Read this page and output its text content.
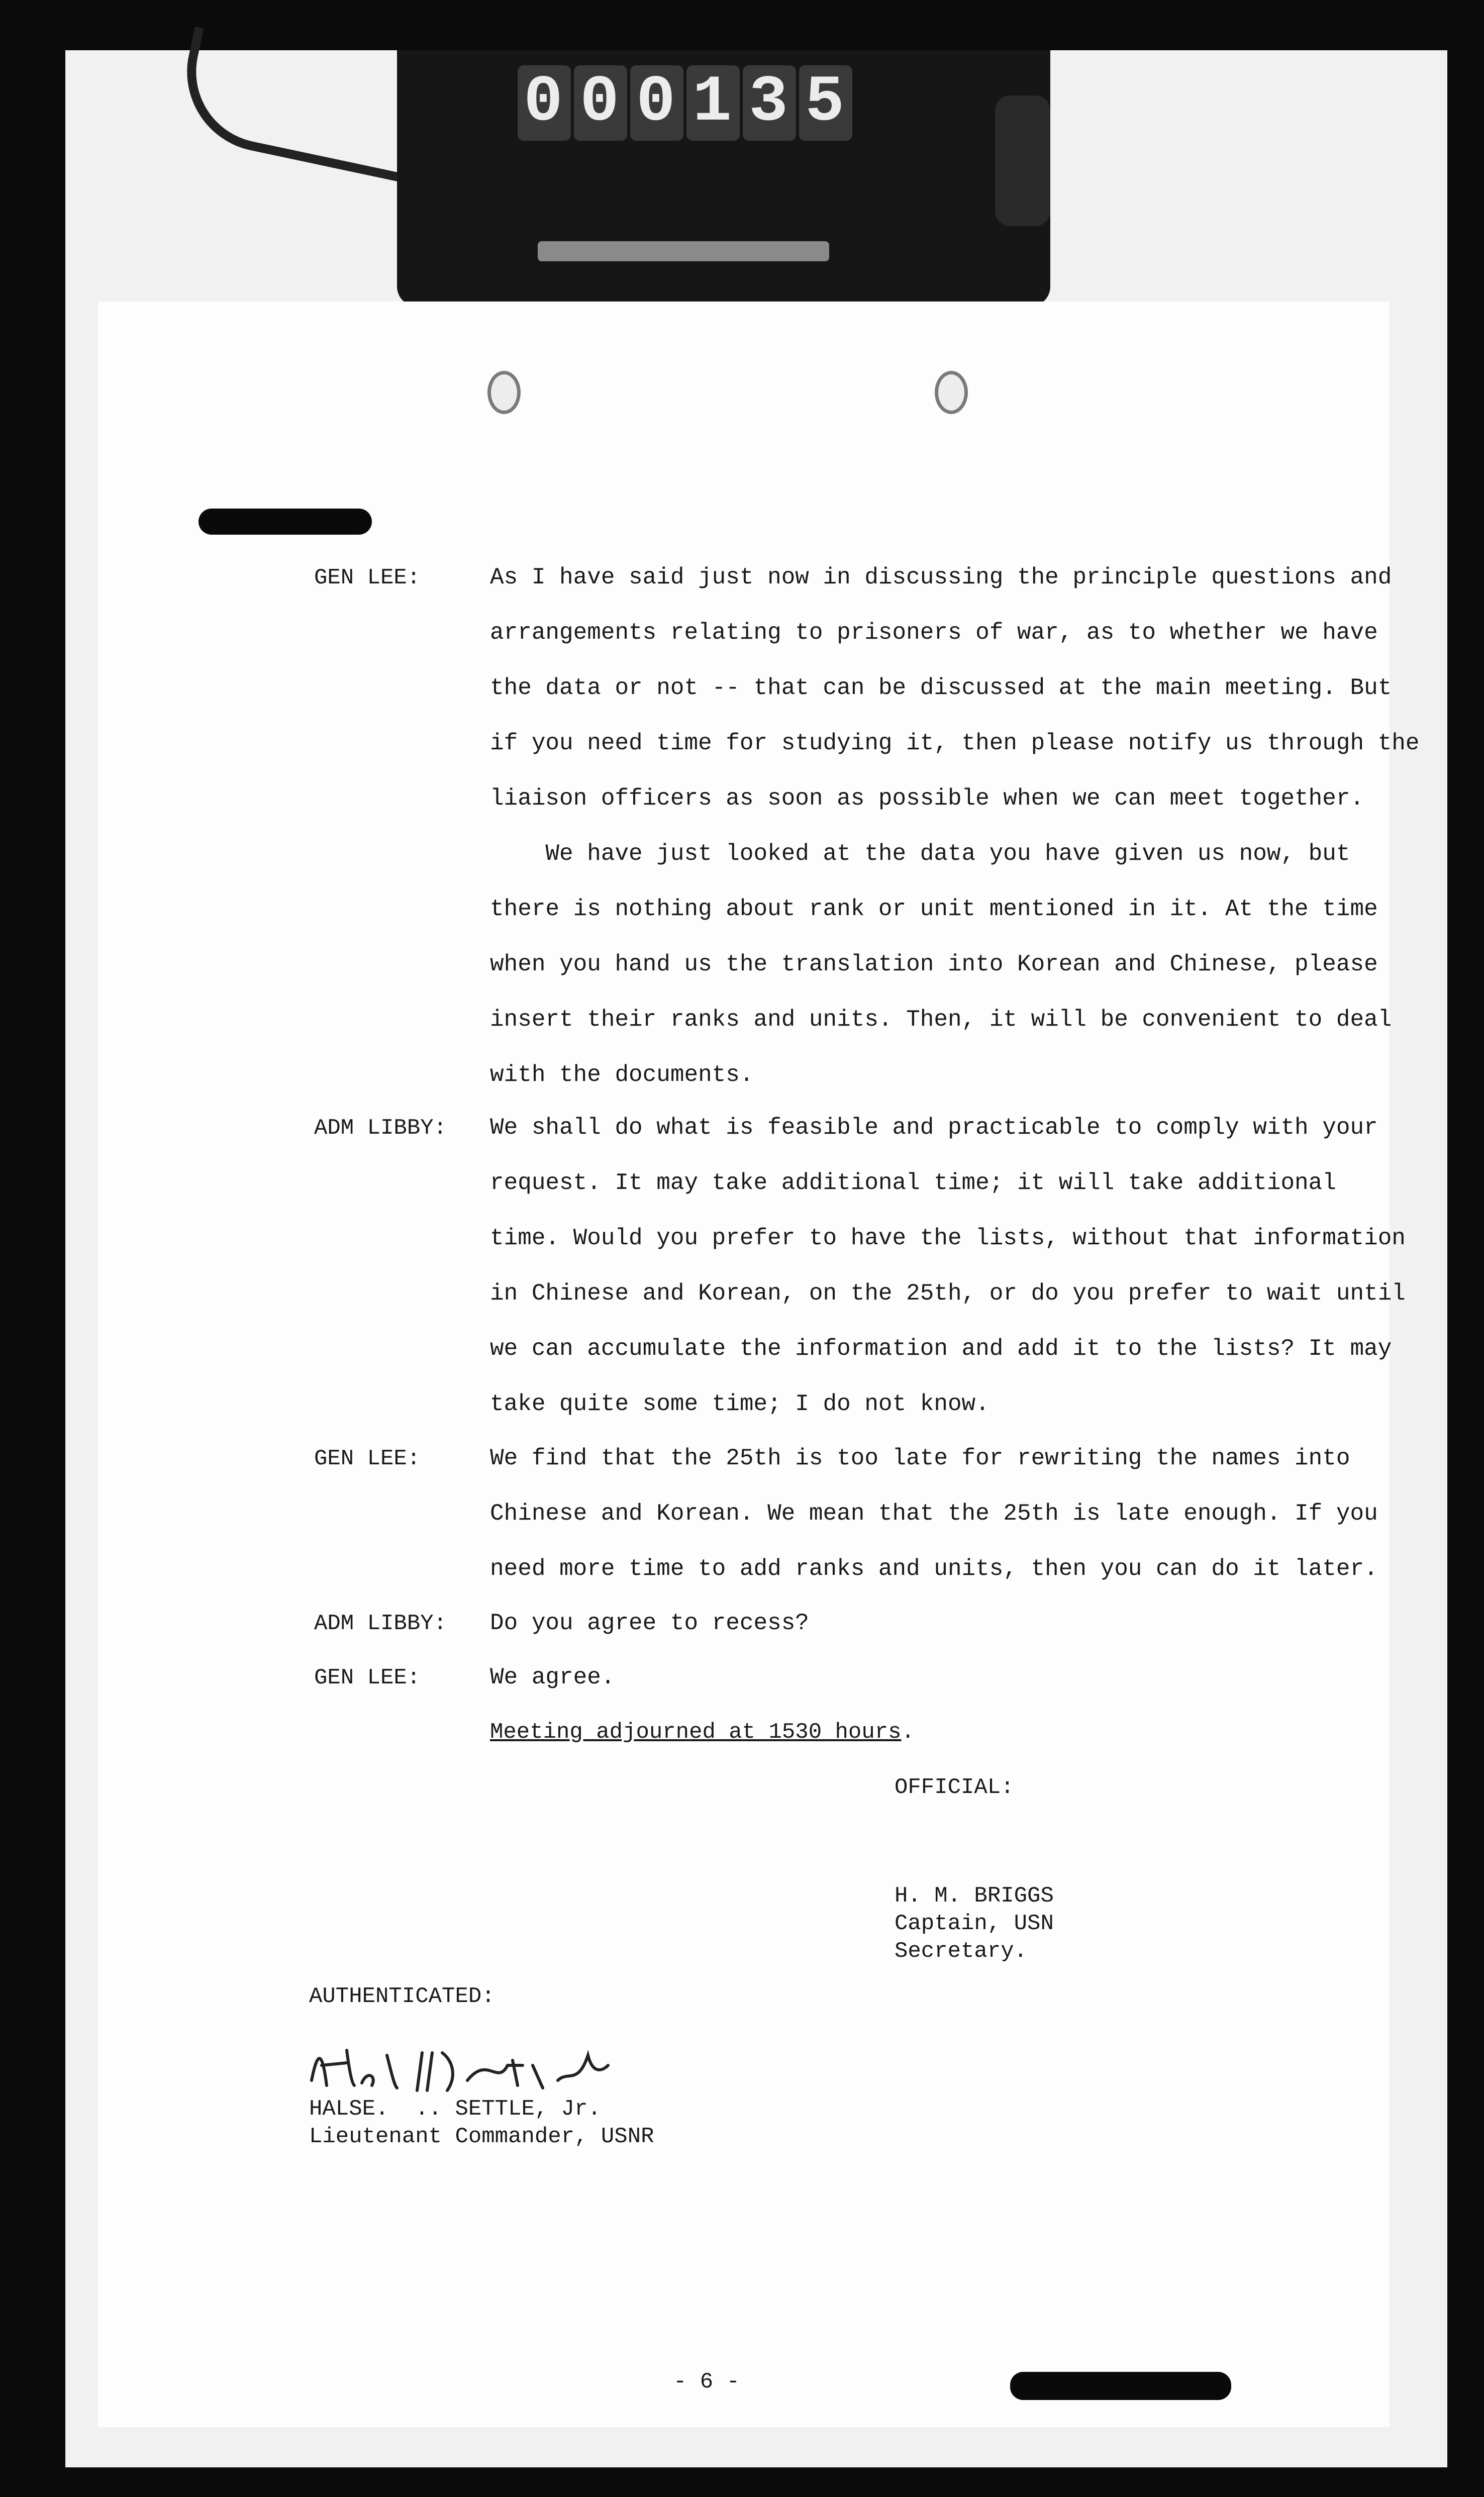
0 0 0 1 3 5
GEN LEE:	As I have said just now in discussing the principle questions and
arrangements relating to prisoners of war, as to whether we have
the data or not -- that can be discussed at the main meeting. But
if you need time for studying it, then please notify us through the
liaison officers as soon as possible when we can meet together.
We have just looked at the data you have given us now, but
there is nothing about rank or unit mentioned in it. At the time
when you hand us the translation into Korean and Chinese, please
insert their ranks and units. Then, it will be convenient to deal
with the documents.
ADM LIBBY:	We shall do what is feasible and practicable to comply with your
request. It may take additional time; it will take additional
time. Would you prefer to have the lists, without that information
in Chinese and Korean, on the 25th, or do you prefer to wait until
we can accumulate the information and add it to the lists? It may
take quite some time; I do not know.
GEN LEE:	We find that the 25th is too late for rewriting the names into
Chinese and Korean. We mean that the 25th is late enough. If you
need more time to add ranks and units, then you can do it later.
ADM LIBBY:	Do you agree to recess?
GEN LEE:	We agree.
Meeting adjourned at 1530 hours.
OFFICIAL:
H. M. BRIGGS
Captain, USN
Secretary.
AUTHENTICATED:
HALSE.  .. SETTLE, Jr.
Lieutenant Commander, USNR
- 6 -
